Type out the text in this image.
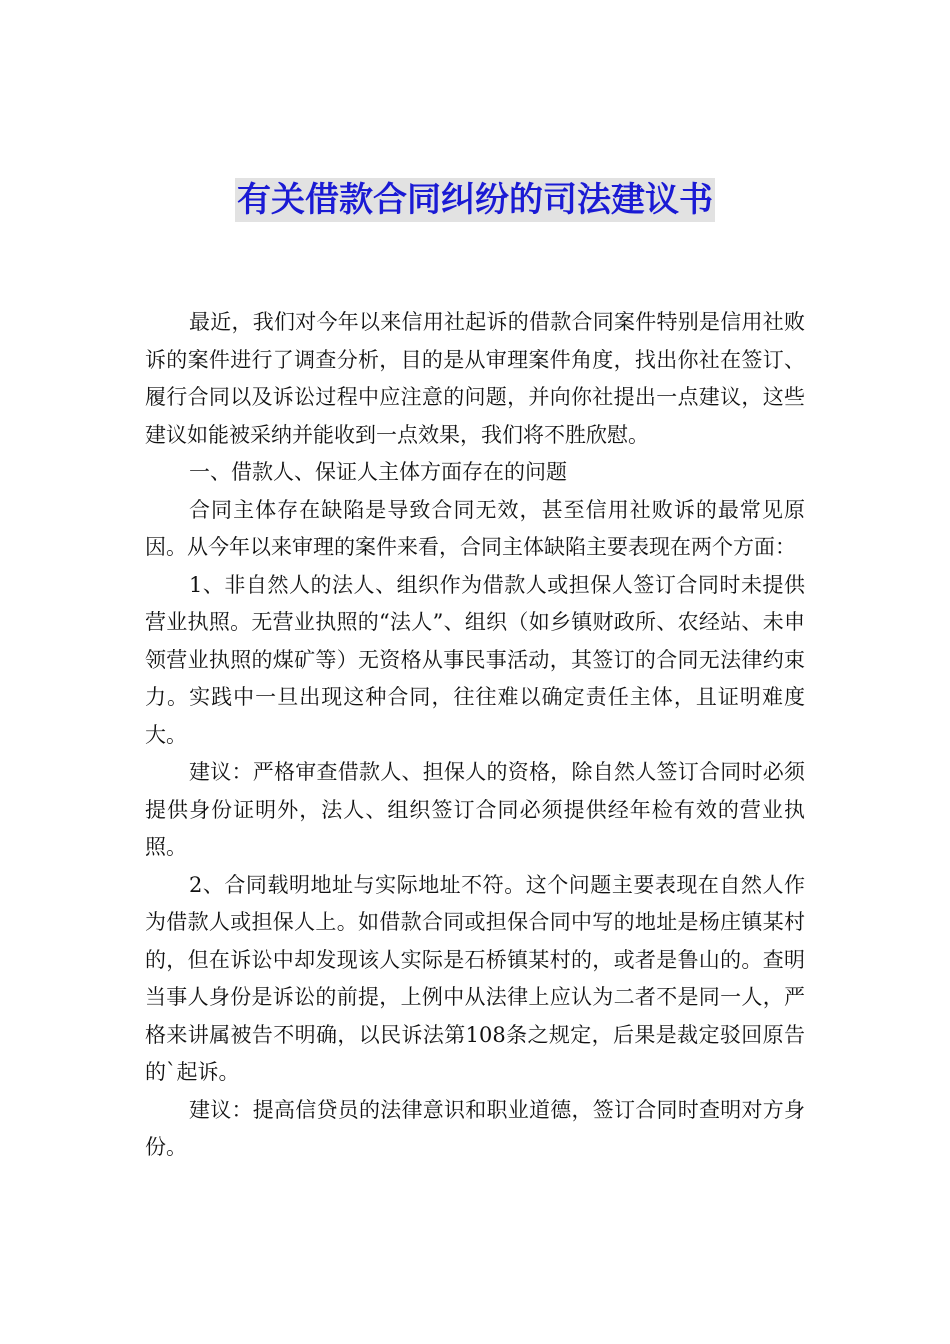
有关借款合同纠纷的司法建议书

最近，我们对今年以来信用社起诉的借款合同案件特别是信用社败诉的案件进行了调查分析，目的是从审理案件角度，找出你社在签订、履行合同以及诉讼过程中应注意的问题，并向你社提出一点建议，这些建议如能被采纳并能收到一点效果，我们将不胜欣慰。

一、借款人、保证人主体方面存在的问题

合同主体存在缺陷是导致合同无效，甚至信用社败诉的最常见原因。从今年以来审理的案件来看，合同主体缺陷主要表现在两个方面：

1、非自然人的法人、组织作为借款人或担保人签订合同时未提供营业执照。无营业执照的“法人”、组织（如乡镇财政所、农经站、未申领营业执照的煤矿等）无资格从事民事活动，其签订的合同无法律约束力。实践中一旦出现这种合同，往往难以确定责任主体，且证明难度大。

建议：严格审查借款人、担保人的资格，除自然人签订合同时必须提供身份证明外，法人、组织签订合同必须提供经年检有效的营业执照。

2、合同载明地址与实际地址不符。这个问题主要表现在自然人作为借款人或担保人上。如借款合同或担保合同中写的地址是杨庄镇某村的，但在诉讼中却发现该人实际是石桥镇某村的，或者是鲁山的。查明当事人身份是诉讼的前提，上例中从法律上应认为二者不是同一人，严格来讲属被告不明确，以民诉法第108条之规定，后果是裁定驳回原告的`起诉。

建议：提高信贷员的法律意识和职业道德，签订合同时查明对方身份。
